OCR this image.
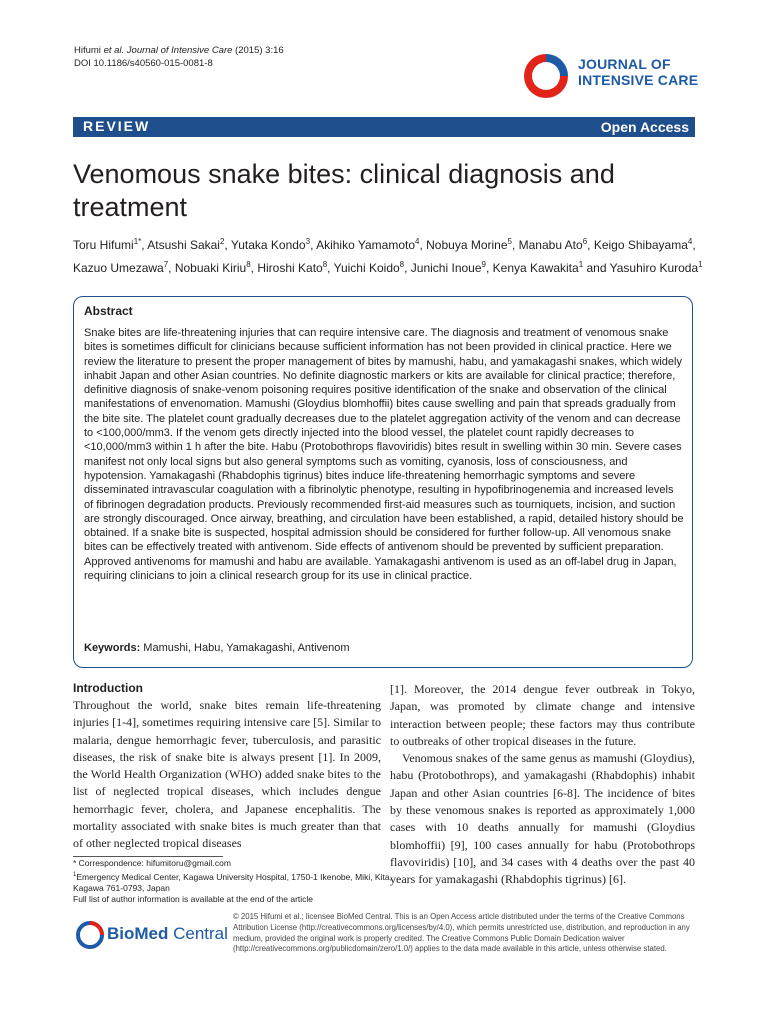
Hifumi et al. Journal of Intensive Care (2015) 3:16
DOI 10.1186/s40560-015-0081-8	JOURNAL OF
INTENSIVE CARE
REVIEW	Open Access
Venomous snake bites: clinical diagnosis and treatment
Toru Hifumi$^{1*}$, Atsushi Sakai$^2$, Yutaka Kondo$^3$, Akihiko Yamamoto$^4$, Nobuya Morine$^5$, Manabu Ato$^6$, Keigo Shibayama$^4$, Kazuo Umezawa$^7$, Nobuaki Kiriu$^8$, Hiroshi Kato$^8$, Yuichi Koido$^8$, Junichi Inoue$^9$, Kenya Kawakita$^1$ and Yasuhiro Kuroda$^1$
Abstract
Snake bites are life-threatening injuries that can require intensive care. The diagnosis and treatment of venomous snake bites is sometimes difficult for clinicians because sufficient information has not been provided in clinical practice. Here we review the literature to present the proper management of bites by mamushi, habu, and yamakagashi snakes, which widely inhabit Japan and other Asian countries. No definite diagnostic markers or kits are available for clinical practice; therefore, definitive diagnosis of snake-venom poisoning requires positive identification of the snake and observation of the clinical manifestations of envenomation. Mamushi (Gloydius blomhoffii) bites cause swelling and pain that spreads gradually from the bite site. The platelet count gradually decreases due to the platelet aggregation activity of the venom and can decrease to <100,000/mm3. If the venom gets directly injected into the blood vessel, the platelet count rapidly decreases to <10,000/mm3 within 1 h after the bite. Habu (Protobothrops flavoviridis) bites result in swelling within 30 min. Severe cases manifest not only local signs but also general symptoms such as vomiting, cyanosis, loss of consciousness, and hypotension. Yamakagashi (Rhabdophis tigrinus) bites induce life-threatening hemorrhagic symptoms and severe disseminated intravascular coagulation with a fibrinolytic phenotype, resulting in hypofibrinogenemia and increased levels of fibrinogen degradation products. Previously recommended first-aid measures such as tourniquets, incision, and suction are strongly discouraged. Once airway, breathing, and circulation have been established, a rapid, detailed history should be obtained. If a snake bite is suspected, hospital admission should be considered for further follow-up. All venomous snake bites can be effectively treated with antivenom. Side effects of antivenom should be prevented by sufficient preparation. Approved antivenoms for mamushi and habu are available. Yamakagashi antivenom is used as an off-label drug in Japan, requiring clinicians to join a clinical research group for its use in clinical practice.
Keywords: Mamushi, Habu, Yamakagashi, Antivenom
Introduction

Throughout the world, snake bites remain life-threatening injuries [1-4], sometimes requiring intensive care [5]. Similar to malaria, dengue hemorrhagic fever, tuberculosis, and parasitic diseases, the risk of snake bite is always present [1]. In 2009, the World Health Organization (WHO) added snake bites to the list of neglected tropical diseases, which includes dengue hemorrhagic fever, cholera, and Japanese encephalitis. The mortality associated with snake bites is much greater than that of other neglected tropical diseases

[1]. Moreover, the 2014 dengue fever outbreak in Tokyo, Japan, was promoted by climate change and intensive interaction between people; these factors may thus contribute to outbreaks of other tropical diseases in the future.

Venomous snakes of the same genus as mamushi (Gloydius), habu (Protobothrops), and yamakagashi (Rhabdophis) inhabit Japan and other Asian countries [6-8]. The incidence of bites by these venomous snakes is reported as approximately 1,000 cases with 10 deaths annually for mamushi (Gloydius blomhoffii) [9], 100 cases annually for habu (Protobothrops flavoviridis) [10], and 34 cases with 4 deaths over the past 40 years for yamakagashi (Rhabdophis tigrinus) [6].

* Correspondence: hifumitoru@gmail.com
$^1$Emergency Medical Center, Kagawa University Hospital, 1750-1 Ikenobe, Miki, Kita, Kagawa 761-0793, Japan
Full list of author information is available at the end of the article
BioMed Central
© 2015 Hifumi et al.; licensee BioMed Central. This is an Open Access article distributed under the terms of the Creative Commons Attribution License (http://creativecommons.org/licenses/by/4.0), which permits unrestricted use, distribution, and reproduction in any medium, provided the original work is properly credited. The Creative Commons Public Domain Dedication waiver (http://creativecommons.org/publicdomain/zero/1.0/) applies to the data made available in this article, unless otherwise stated.
